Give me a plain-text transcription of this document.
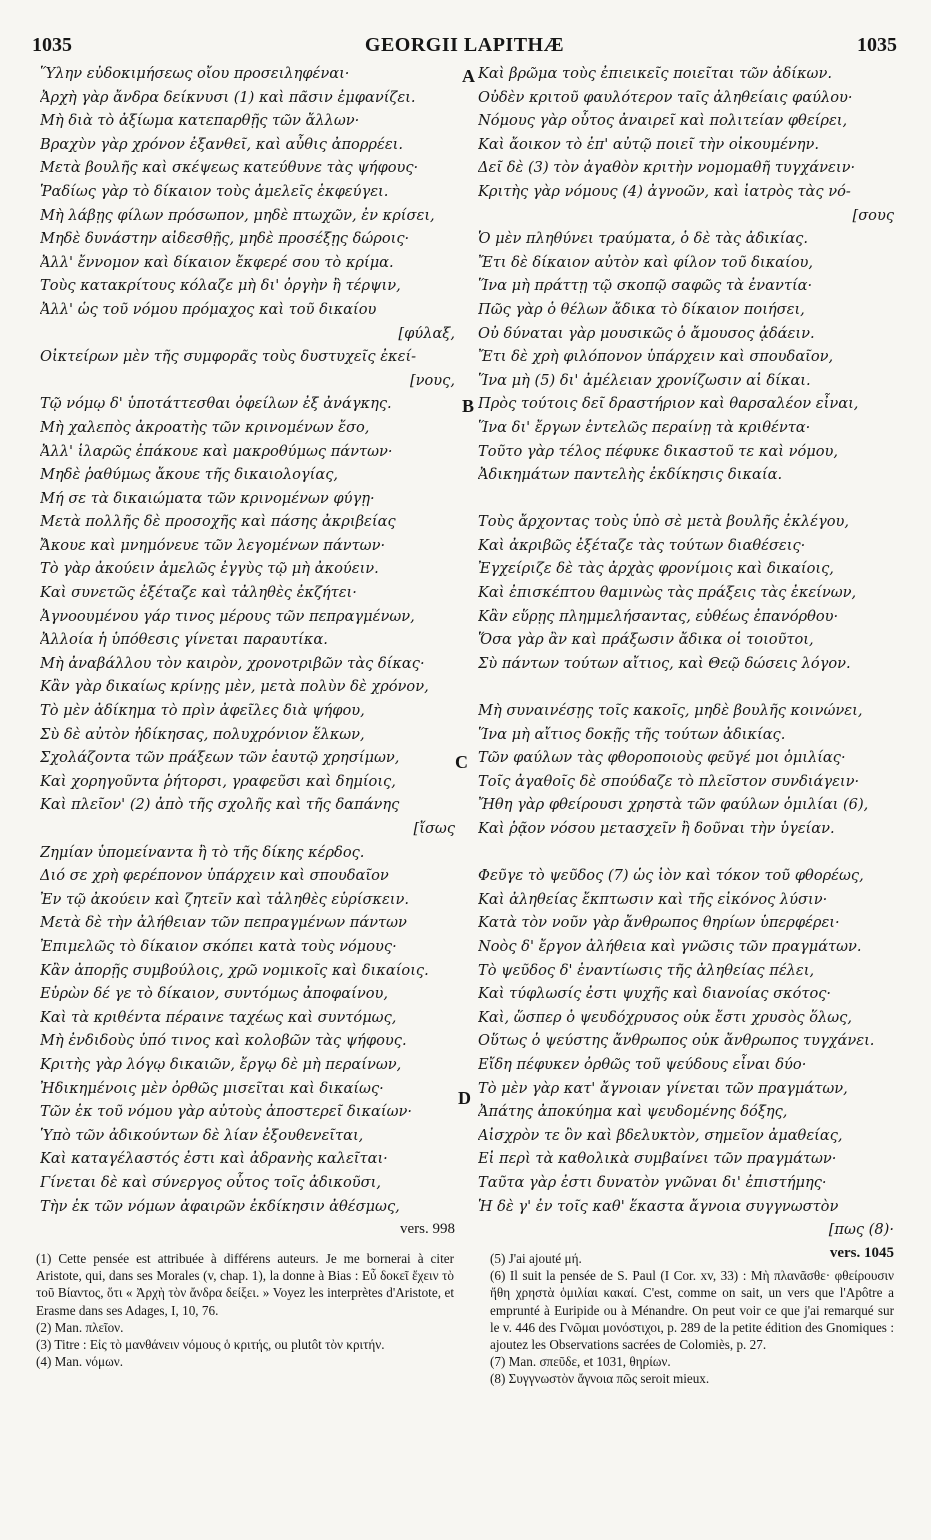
1035	GEORGII LAPITHÆ	1035
A
B
C
D
Ὕλην εὐδοκιμήσεως οἴου προσειληφέναι·
Ἀρχὴ γὰρ ἄνδρα δείκνυσι (1) καὶ πᾶσιν ἐμφανίζει.
Μὴ διὰ τὸ ἀξίωμα κατεπαρθῇς τῶν ἄλλων·
Βραχὺν γὰρ χρόνον ἐξανθεῖ, καὶ αὖθις ἀπορρέει.
Μετὰ βουλῆς καὶ σκέψεως κατεύθυνε τὰς ψήφους·
Ῥαδίως γὰρ τὸ δίκαιον τοὺς ἀμελεῖς ἐκφεύγει.
Μὴ λάβῃς φίλων πρόσωπον, μηδὲ πτωχῶν, ἐν κρίσει,
Μηδὲ δυνάστην αἰδεσθῇς, μηδὲ προσέξῃς δώροις·
Ἀλλ' ἔννομον καὶ δίκαιον ἔκφερέ σου τὸ κρίμα.
Τοὺς κατακρίτους κόλαζε μὴ δι' ὀργὴν ἢ τέρψιν,
Ἀλλ' ὡς τοῦ νόμου πρόμαχος καὶ τοῦ δικαίου
[φύλαξ,
Οἰκτείρων μὲν τῆς συμφορᾶς τοὺς δυστυχεῖς ἐκεί-
[νους,
Τῷ νόμῳ δ' ὑποτάττεσθαι ὀφείλων ἐξ ἀνάγκης.
Μὴ χαλεπὸς ἀκροατὴς τῶν κρινομένων ἔσο,
Ἀλλ' ἱλαρῶς ἐπάκουε καὶ μακροθύμως πάντων·
Μηδὲ ῥαθύμως ἄκουε τῆς δικαιολογίας,
Μή σε τὰ δικαιώματα τῶν κρινομένων φύγῃ·
Μετὰ πολλῆς δὲ προσοχῆς καὶ πάσης ἀκριβείας
Ἄκουε καὶ μνημόνευε τῶν λεγομένων πάντων·
Τὸ γὰρ ἀκούειν ἀμελῶς ἐγγὺς τῷ μὴ ἀκούειν.
Καὶ συνετῶς ἐξέταζε καὶ τἀληθὲς ἐκζήτει·
Ἀγνοουμένου γάρ τινος μέρους τῶν πεπραγμένων,
Ἀλλοία ἡ ὑπόθεσις γίνεται παραυτίκα.
Μὴ ἀναβάλλου τὸν καιρὸν, χρονοτριβῶν τὰς δίκας·
Κἂν γὰρ δικαίως κρίνῃς μὲν, μετὰ πολὺν δὲ χρόνον,
Τὸ μὲν ἀδίκημα τὸ πρὶν ἀφεῖλες διὰ ψήφου,
Σὺ δὲ αὐτὸν ἠδίκησας, πολυχρόνιον ἕλκων,
Σχολάζοντα τῶν πράξεων τῶν ἑαυτῷ χρησίμων,
Καὶ χορηγοῦντα ῥήτορσι, γραφεῦσι καὶ δημίοις,
Καὶ πλεῖον' (2) ἀπὸ τῆς σχολῆς καὶ τῆς δαπάνης
[ἴσως
Ζημίαν ὑπομείναντα ἢ τὸ τῆς δίκης κέρδος.
Διό σε χρὴ φερέπονον ὑπάρχειν καὶ σπουδαῖον
Ἐν τῷ ἀκούειν καὶ ζητεῖν καὶ τἀληθὲς εὑρίσκειν.
Μετὰ δὲ τὴν ἀλήθειαν τῶν πεπραγμένων πάντων
Ἐπιμελῶς τὸ δίκαιον σκόπει κατὰ τοὺς νόμους·
Κἂν ἀπορῇς συμβούλοις, χρῶ νομικοῖς καὶ δικαίοις.
Εὑρὼν δέ γε τὸ δίκαιον, συντόμως ἀποφαίνου,
Καὶ τὰ κριθέντα πέραινε ταχέως καὶ συντόμως,
Μὴ ἐνδιδοὺς ὑπό τινος καὶ κολοβῶν τὰς ψήφους.
Κριτὴς γὰρ λόγῳ δικαιῶν, ἔργῳ δὲ μὴ περαίνων,
Ἠδικημένοις μὲν ὀρθῶς μισεῖται καὶ δικαίως·
Τῶν ἐκ τοῦ νόμου γὰρ αὐτοὺς ἀποστερεῖ δικαίων·
Ὑπὸ τῶν ἀδικούντων δὲ λίαν ἐξουθενεῖται,
Καὶ καταγέλαστός ἐστι καὶ ἀδρανὴς καλεῖται·
Γίνεται δὲ καὶ σύνεργος οὗτος τοῖς ἀδικοῦσι,
Τὴν ἐκ τῶν νόμων ἀφαιρῶν ἐκδίκησιν ἀθέσμως,
vers. 998
Καὶ βρῶμα τοὺς ἐπιεικεῖς ποιεῖται τῶν ἀδίκων.
Οὐδὲν κριτοῦ φαυλότερον ταῖς ἀληθείαις φαύλου·
Νόμους γὰρ οὗτος ἀναιρεῖ καὶ πολιτείαν φθείρει,
Καὶ ἄοικον τὸ ἐπ' αὐτῷ ποιεῖ τὴν οἰκουμένην.
Δεῖ δὲ (3) τὸν ἀγαθὸν κριτὴν νομομαθῆ τυγχάνειν·
Κριτὴς γὰρ νόμους (4) ἀγνοῶν, καὶ ἰατρὸς τὰς νό-
[σους
Ὁ μὲν πληθύνει τραύματα, ὁ δὲ τὰς ἀδικίας.
Ἔτι δὲ δίκαιον αὐτὸν καὶ φίλον τοῦ δικαίου,
Ἵνα μὴ πράττῃ τῷ σκοπῷ σαφῶς τὰ ἐναντία·
Πῶς γὰρ ὁ θέλων ἄδικα τὸ δίκαιον ποιήσει,
Οὐ δύναται γὰρ μουσικῶς ὁ ἄμουσος ᾀδάειν.
Ἔτι δὲ χρὴ φιλόπονον ὑπάρχειν καὶ σπουδαῖον,
Ἵνα μὴ (5) δι' ἀμέλειαν χρονίζωσιν αἱ δίκαι.
Πρὸς τούτοις δεῖ δραστήριον καὶ θαρσαλέον εἶναι,
Ἵνα δι' ἔργων ἐντελῶς περαίνῃ τὰ κριθέντα·
Τοῦτο γὰρ τέλος πέφυκε δικαστοῦ τε καὶ νόμου,
Ἀδικημάτων παντελὴς ἐκδίκησις δικαία.
Τοὺς ἄρχοντας τοὺς ὑπὸ σὲ μετὰ βουλῆς ἐκλέγου,
Καὶ ἀκριβῶς ἐξέταζε τὰς τούτων διαθέσεις·
Ἐγχείριζε δὲ τὰς ἀρχὰς φρονίμοις καὶ δικαίοις,
Καὶ ἐπισκέπτου θαμινὼς τὰς πράξεις τὰς ἐκείνων,
Κἂν εὕρῃς πλημμελήσαντας, εὐθέως ἐπανόρθου·
Ὅσα γὰρ ἂν καὶ πράξωσιν ἄδικα οἱ τοιοῦτοι,
Σὺ πάντων τούτων αἴτιος, καὶ Θεῷ δώσεις λόγον.
Μὴ συναινέσῃς τοῖς κακοῖς, μηδὲ βουλῆς κοινώνει,
Ἵνα μὴ αἴτιος δοκῇς τῆς τούτων ἀδικίας.
Τῶν φαύλων τὰς φθοροποιοὺς φεῦγέ μοι ὁμιλίας·
Τοῖς ἀγαθοῖς δὲ σπούδαζε τὸ πλεῖστον συνδιάγειν·
Ἤθη γὰρ φθείρουσι χρηστὰ τῶν φαύλων ὁμιλίαι (6),
Καὶ ῥᾷον νόσου μετασχεῖν ἢ δοῦναι τὴν ὑγείαν.
Φεῦγε τὸ ψεῦδος (7) ὡς ἰὸν καὶ τόκον τοῦ φθορέως,
Καὶ ἀληθείας ἔκπτωσιν καὶ τῆς εἰκόνος λύσιν·
Κατὰ τὸν νοῦν γὰρ ἄνθρωπος θηρίων ὑπερφέρει·
Νοὸς δ' ἔργον ἀλήθεια καὶ γνῶσις τῶν πραγμάτων.
Τὸ ψεῦδος δ' ἐναντίωσις τῆς ἀληθείας πέλει,
Καὶ τύφλωσίς ἐστι ψυχῆς καὶ διανοίας σκότος·
Καὶ, ὥσπερ ὁ ψευδόχρυσος οὐκ ἔστι χρυσὸς ὅλως,
Οὕτως ὁ ψεύστης ἄνθρωπος οὐκ ἄνθρωπος τυγχάνει.
Εἴδη πέφυκεν ὀρθῶς τοῦ ψεύδους εἶναι δύο·
Τὸ μὲν γὰρ κατ' ἄγνοιαν γίνεται τῶν πραγμάτων,
Ἀπάτης ἀποκύημα καὶ ψευδομένης δόξης,
Αἰσχρὸν τε ὂν καὶ βδελυκτὸν, σημεῖον ἀμαθείας,
Εἰ περὶ τὰ καθολικὰ συμβαίνει τῶν πραγμάτων·
Ταῦτα γὰρ ἐστι δυνατὸν γνῶναι δι' ἐπιστήμης·
Ἡ δὲ γ' ἐν τοῖς καθ' ἕκαστα ἄγνοια συγγνωστὸν
[πως (8)·
vers. 1045
(1) Cette pensée est attribuée à différens auteurs. Je me bornerai à citer Aristote, qui, dans ses Morales (v, chap. 1), la donne à Bias : Εὖ δοκεῖ ἔχειν τὸ τοῦ Βίαντος, ὅτι « Ἀρχὴ τὸν ἄνδρα δείξει. » Voyez les interprètes d'Aristote, et Erasme dans ses Adages, I, 10, 76.
(2) Man. πλεῖον.
(3) Titre : Εἰς τὸ μανθάνειν νόμους ὁ κριτής, ou plutôt τὸν κριτήν.
(4) Man. νόμων.
(5) J'ai ajouté μή.
(6) Il suit la pensée de S. Paul (I Cor. xv, 33) : Μὴ πλανᾶσθε· φθείρουσιν ἤθη χρηστὰ ὁμιλίαι κακαί. C'est, comme on sait, un vers que l'Apôtre a emprunté à Euripide ou à Ménandre. On peut voir ce que j'ai remarqué sur le v. 446 des Γνῶμαι μονόστιχοι, p. 289 de la petite édition des Gnomiques : ajoutez les Observations sacrées de Colomiès, p. 27.
(7) Man. σπεῦδε, et 1031, θηρίων.
(8) Συγγνωστὸν ἄγνοια πῶς seroit mieux.
